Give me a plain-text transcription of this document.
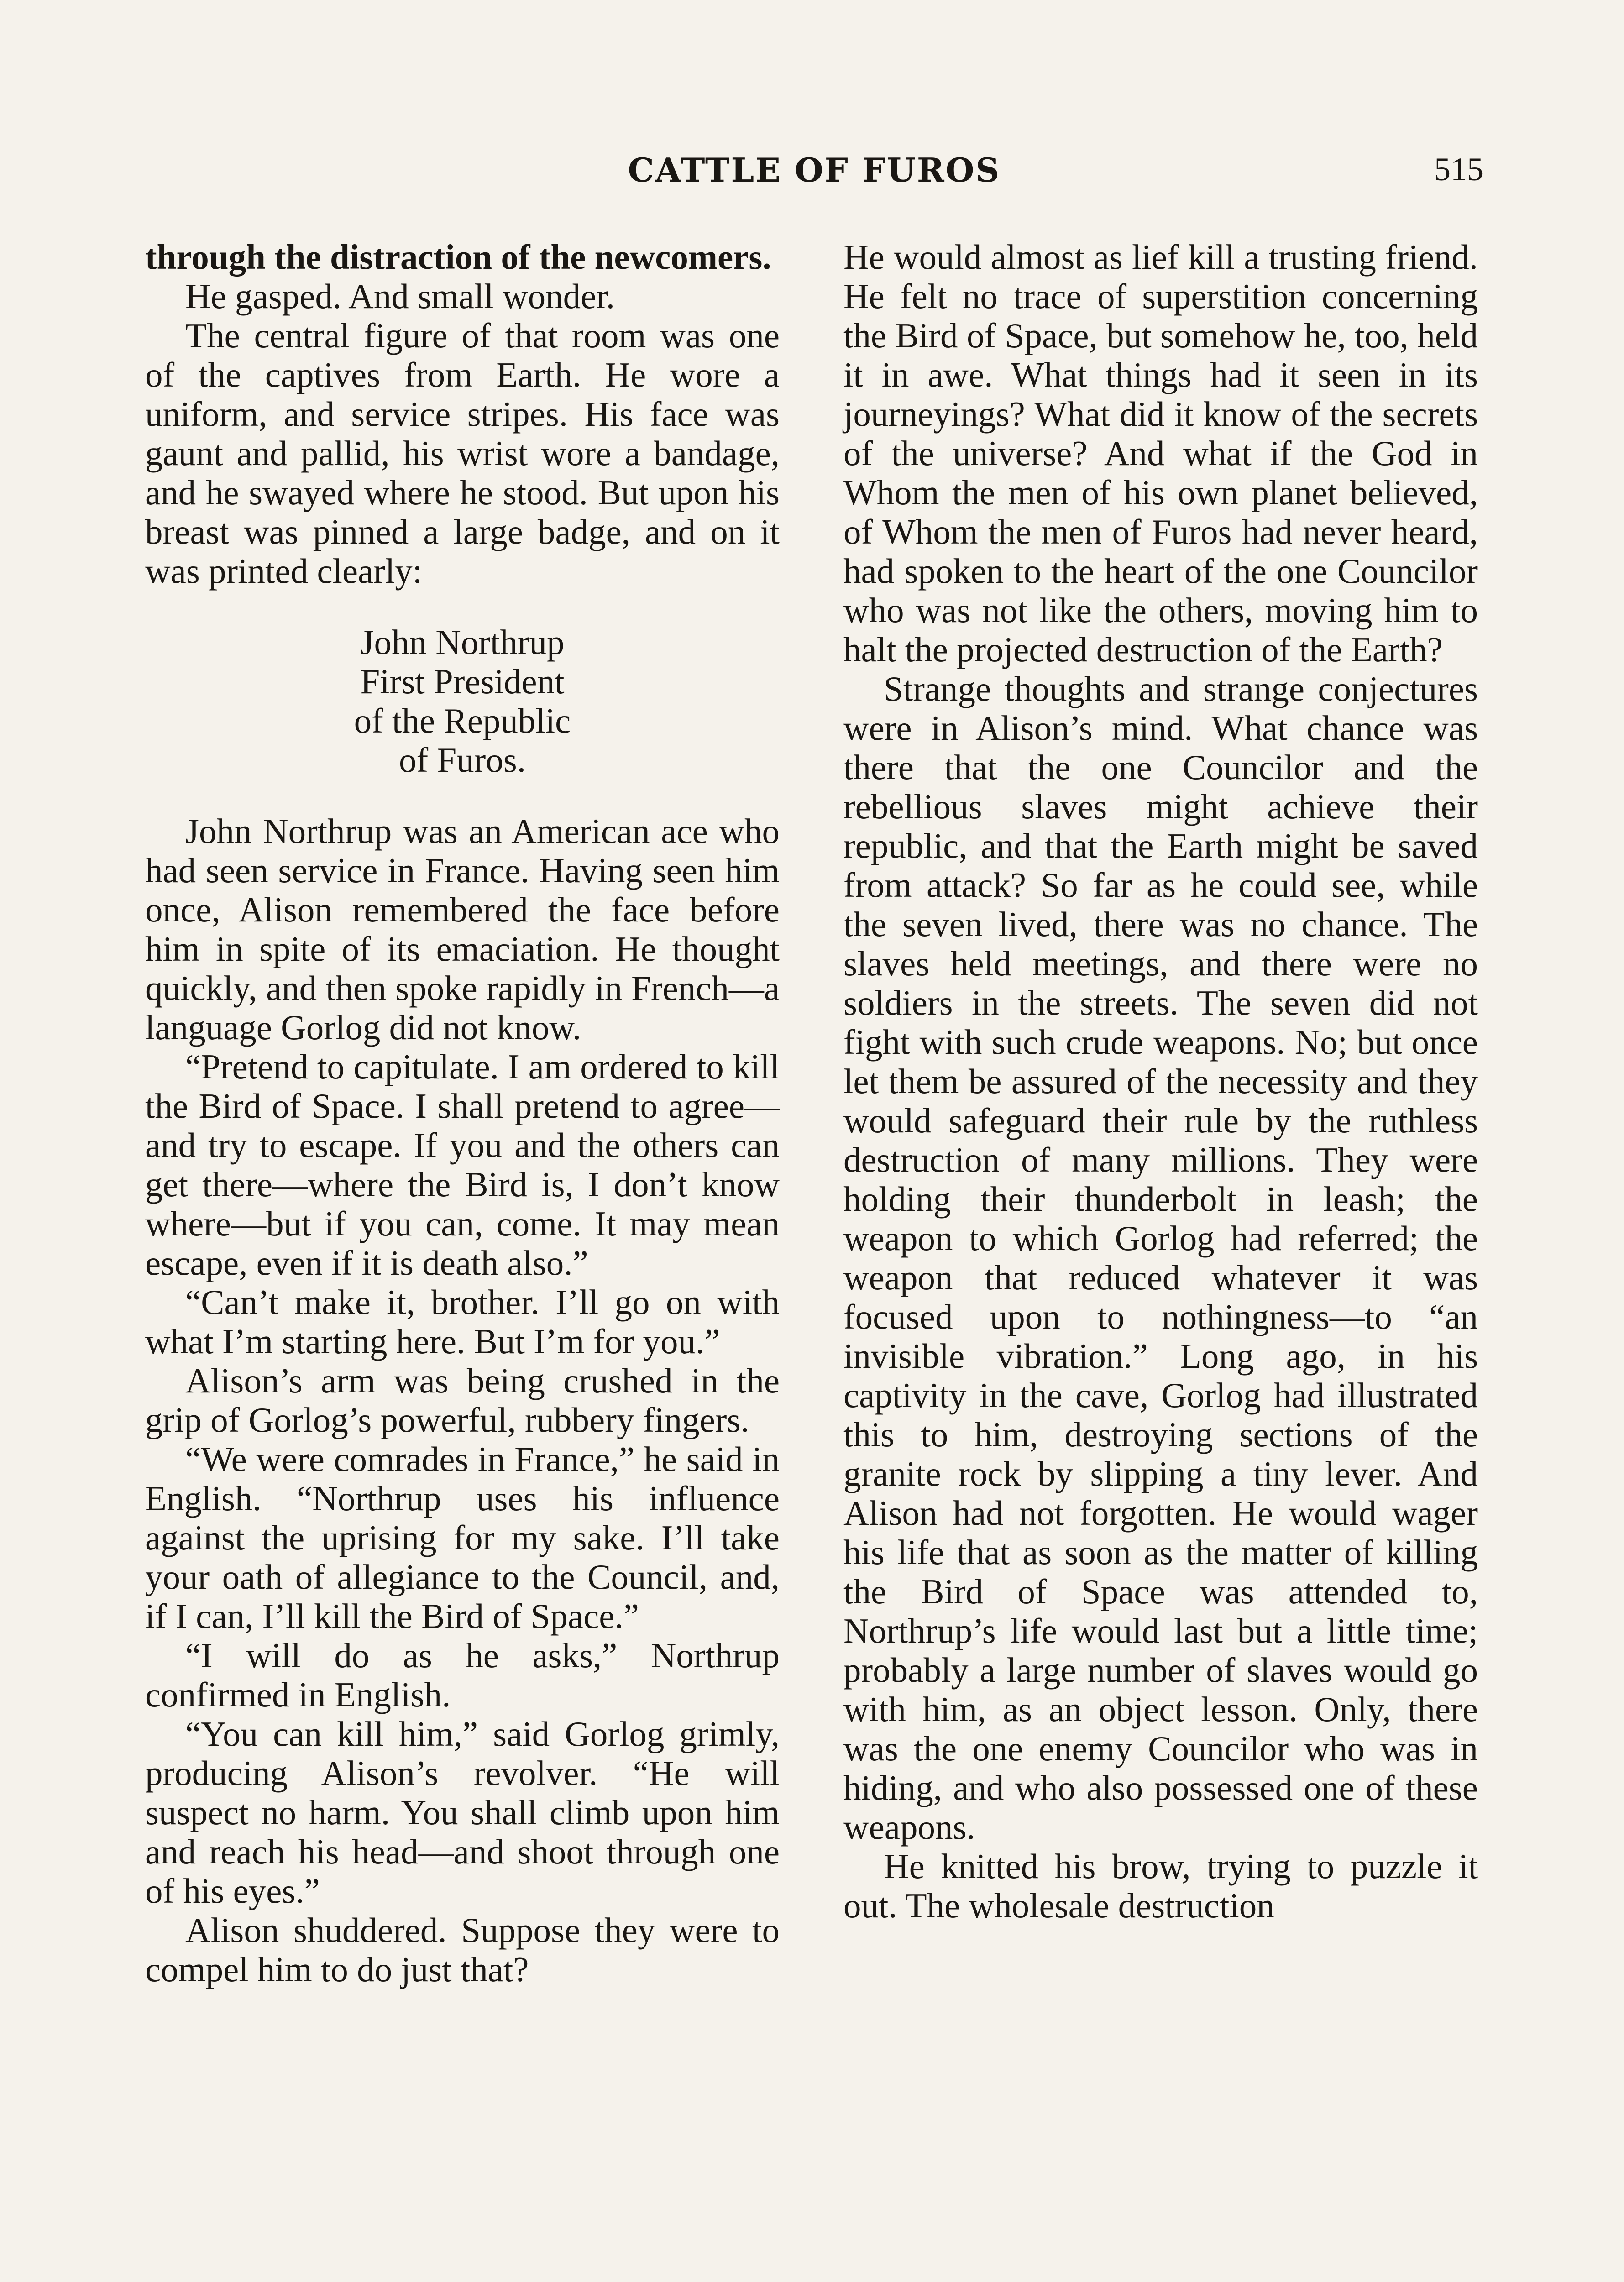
CATTLE OF FUROS	515

through the distraction of the newcomers.

He gasped. And small wonder.

The central figure of that room was one of the captives from Earth. He wore a uniform, and service stripes. His face was gaunt and pallid, his wrist wore a bandage, and he swayed where he stood. But upon his breast was pinned a large badge, and on it was printed clearly:

John Northrup
First President
of the Republic
of Furos.

John Northrup was an American ace who had seen service in France. Having seen him once, Alison remembered the face before him in spite of its emaciation. He thought quickly, and then spoke rapidly in French—a language Gorlog did not know.

“Pretend to capitulate. I am ordered to kill the Bird of Space. I shall pretend to agree—and try to escape. If you and the others can get there—where the Bird is, I don’t know where—but if you can, come. It may mean escape, even if it is death also.”

“Can’t make it, brother. I’ll go on with what I’m starting here. But I’m for you.”

Alison’s arm was being crushed in the grip of Gorlog’s powerful, rubbery fingers.

“We were comrades in France,” he said in English. “Northrup uses his influence against the uprising for my sake. I’ll take your oath of allegiance to the Council, and, if I can, I’ll kill the Bird of Space.”

“I will do as he asks,” Northrup confirmed in English.

“You can kill him,” said Gorlog grimly, producing Alison’s revolver. “He will suspect no harm. You shall climb upon him and reach his head—and shoot through one of his eyes.”

Alison shuddered. Suppose they were to compel him to do just that?

He would almost as lief kill a trusting friend. He felt no trace of superstition concerning the Bird of Space, but somehow he, too, held it in awe. What things had it seen in its journeyings? What did it know of the secrets of the universe? And what if the God in Whom the men of his own planet believed, of Whom the men of Furos had never heard, had spoken to the heart of the one Councilor who was not like the others, moving him to halt the projected destruction of the Earth?

Strange thoughts and strange conjectures were in Alison’s mind. What chance was there that the one Councilor and the rebellious slaves might achieve their republic, and that the Earth might be saved from attack? So far as he could see, while the seven lived, there was no chance. The slaves held meetings, and there were no soldiers in the streets. The seven did not fight with such crude weapons. No; but once let them be assured of the necessity and they would safeguard their rule by the ruthless destruction of many millions. They were holding their thunderbolt in leash; the weapon to which Gorlog had referred; the weapon that reduced whatever it was focused upon to nothingness—to “an invisible vibration.” Long ago, in his captivity in the cave, Gorlog had illustrated this to him, destroying sections of the granite rock by slipping a tiny lever. And Alison had not forgotten. He would wager his life that as soon as the matter of killing the Bird of Space was attended to, Northrup’s life would last but a little time; probably a large number of slaves would go with him, as an object lesson. Only, there was the one enemy Councilor who was in hiding, and who also possessed one of these weapons.

He knitted his brow, trying to puzzle it out. The wholesale destruction
